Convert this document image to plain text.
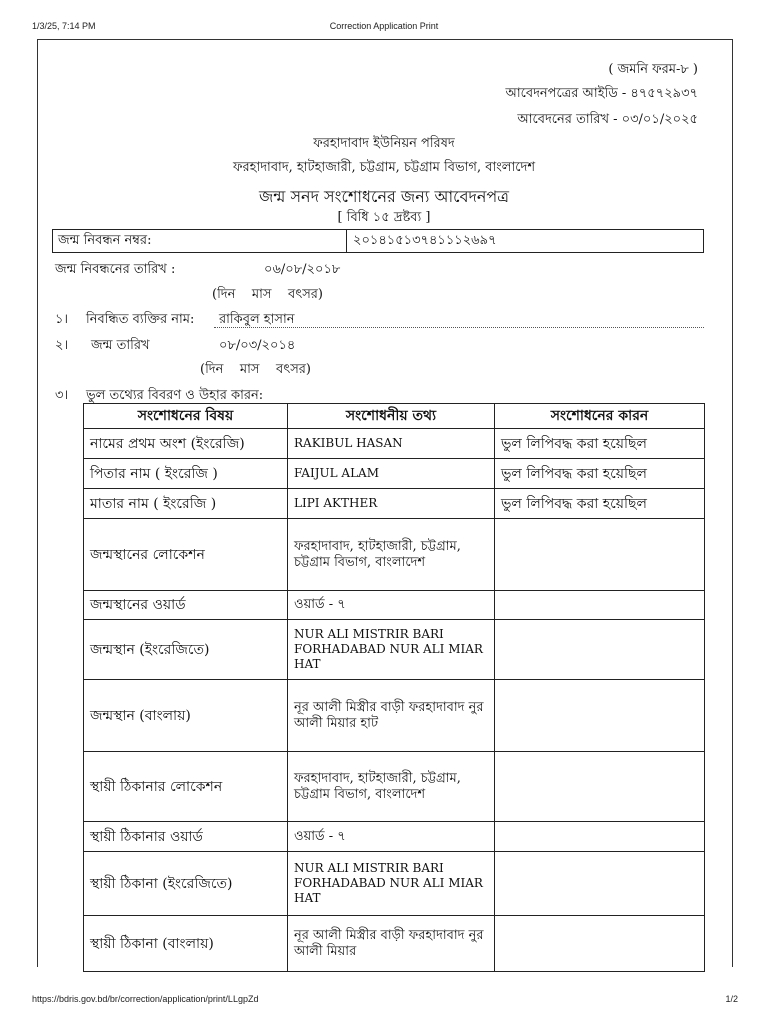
1/3/25, 7:14 PM	Correction Application Print
( জমনি ফরম-৮ )
আবেদনপত্রের আইডি - ৪৭৫৭২৯৩৭
আবেদনের তারিখ - ০৩/০১/২০২৫
ফরহাদাবাদ ইউনিয়ন পরিষদ
ফরহাদাবাদ, হাটহাজারী, চট্টগ্রাম, চট্টগ্রাম বিভাগ, বাংলাদেশ
জন্ম সনদ সংশোধনের জন্য আবেদনপত্র
[ বিধি ১৫ দ্রষ্টব্য ]
জন্ম নিবন্ধন নম্বর:	২০১৪১৫১৩৭৪১১১২৬৯৭
জন্ম নিবন্ধনের তারিখ :	০৬/০৮/২০১৮
(দিন    মাস    বৎসর)
১। নিবন্ধিত ব্যক্তির নাম: রাকিবুল হাসান
২। জন্ম তারিখ	০৮/০৩/২০১৪
(দিন    মাস    বৎসর)
৩। ভুল তথ্যের বিবরণ ও উহার কারন:
সংশোধনের বিষয়	সংশোধনীয় তথ্য	সংশোধনের কারন
নামের প্রথম অংশ (ইংরেজি)	RAKIBUL HASAN	ভুল লিপিবদ্ধ করা হয়েছিল
পিতার নাম ( ইংরেজি )	FAIJUL ALAM	ভুল লিপিবদ্ধ করা হয়েছিল
মাতার নাম ( ইংরেজি )	LIPI AKTHER	ভুল লিপিবদ্ধ করা হয়েছিল
জন্মস্থানের লোকেশন	ফরহাদাবাদ, হাটহাজারী, চট্টগ্রাম, চট্টগ্রাম বিভাগ, বাংলাদেশ	
জন্মস্থানের ওয়ার্ড	ওয়ার্ড - ৭	
জন্মস্থান (ইংরেজিতে)	NUR ALI MISTRIR BARI FORHADABAD NUR ALI MIAR HAT	
জন্মস্থান (বাংলায়)	নূর আলী মিস্ত্রীর বাড়ী ফরহাদাবাদ নুর আলী মিয়ার হাট	
স্থায়ী ঠিকানার লোকেশন	ফরহাদাবাদ, হাটহাজারী, চট্টগ্রাম, চট্টগ্রাম বিভাগ, বাংলাদেশ	
স্থায়ী ঠিকানার ওয়ার্ড	ওয়ার্ড - ৭	
স্থায়ী ঠিকানা (ইংরেজিতে)	NUR ALI MISTRIR BARI FORHADABAD NUR ALI MIAR HAT	
স্থায়ী ঠিকানা (বাংলায়)	নূর আলী মিস্ত্রীর বাড়ী ফরহাদাবাদ নুর আলী মিয়ার	
https://bdris.gov.bd/br/correction/application/print/LLgpZd	1/2
